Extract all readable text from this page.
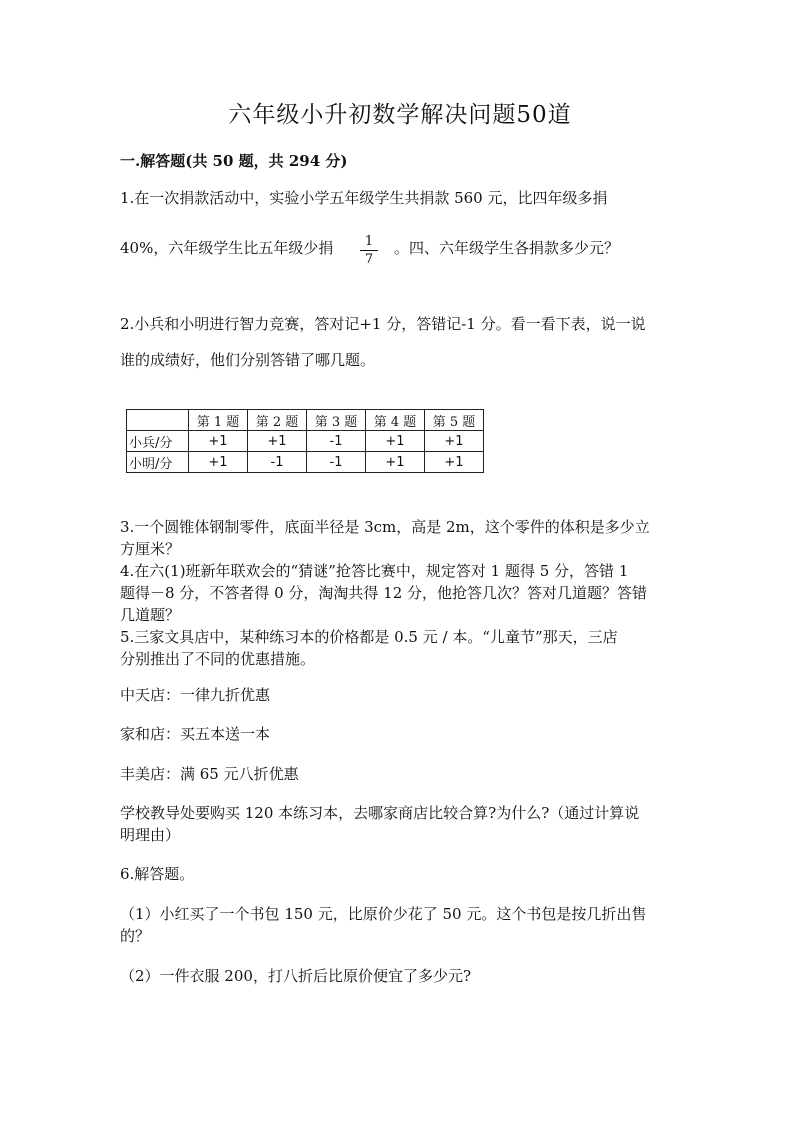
六年级小升初数学解决问题50道
一.解答题(共 50 题，共 294 分)
1.在一次捐款活动中，实验小学五年级学生共捐款 560 元，比四年级多捐
40%，六年级学生比五年级少捐	1
7
。四、六年级学生各捐款多少元？
2.小兵和小明进行智力竞赛，答对记+1 分，答错记-1 分。看一看下表，说一说
谁的成绩好，他们分别答错了哪几题。
	第 1 题	第 2 题	第 3 题	第 4 题	第 5 题
小兵/分	+1	+1	-1	+1	+1
小明/分	+1	-1	-1	+1	+1
3.一个圆锥体钢制零件，底面半径是 3cm，高是 2m，这个零件的体积是多少立
方厘米？
4.在六(1)班新年联欢会的“猜谜”抢答比赛中，规定答对 1 题得 5 分，答错 1
题得－8 分，不答者得 0 分，淘淘共得 12 分，他抢答几次？答对几道题？答错
几道题？
5.三家文具店中，某种练习本的价格都是 0.5 元 / 本。“儿童节”那天，三店
分别推出了不同的优惠措施。
中天店：一律九折优惠
家和店：买五本送一本
丰美店：满 65 元八折优惠
学校教导处要购买 120 本练习本，去哪家商店比较合算?为什么?（通过计算说
明理由）
6.解答题。
（1）小红买了一个书包 150 元，比原价少花了 50 元。这个书包是按几折出售
的？
（2）一件衣服 200，打八折后比原价便宜了多少元?
